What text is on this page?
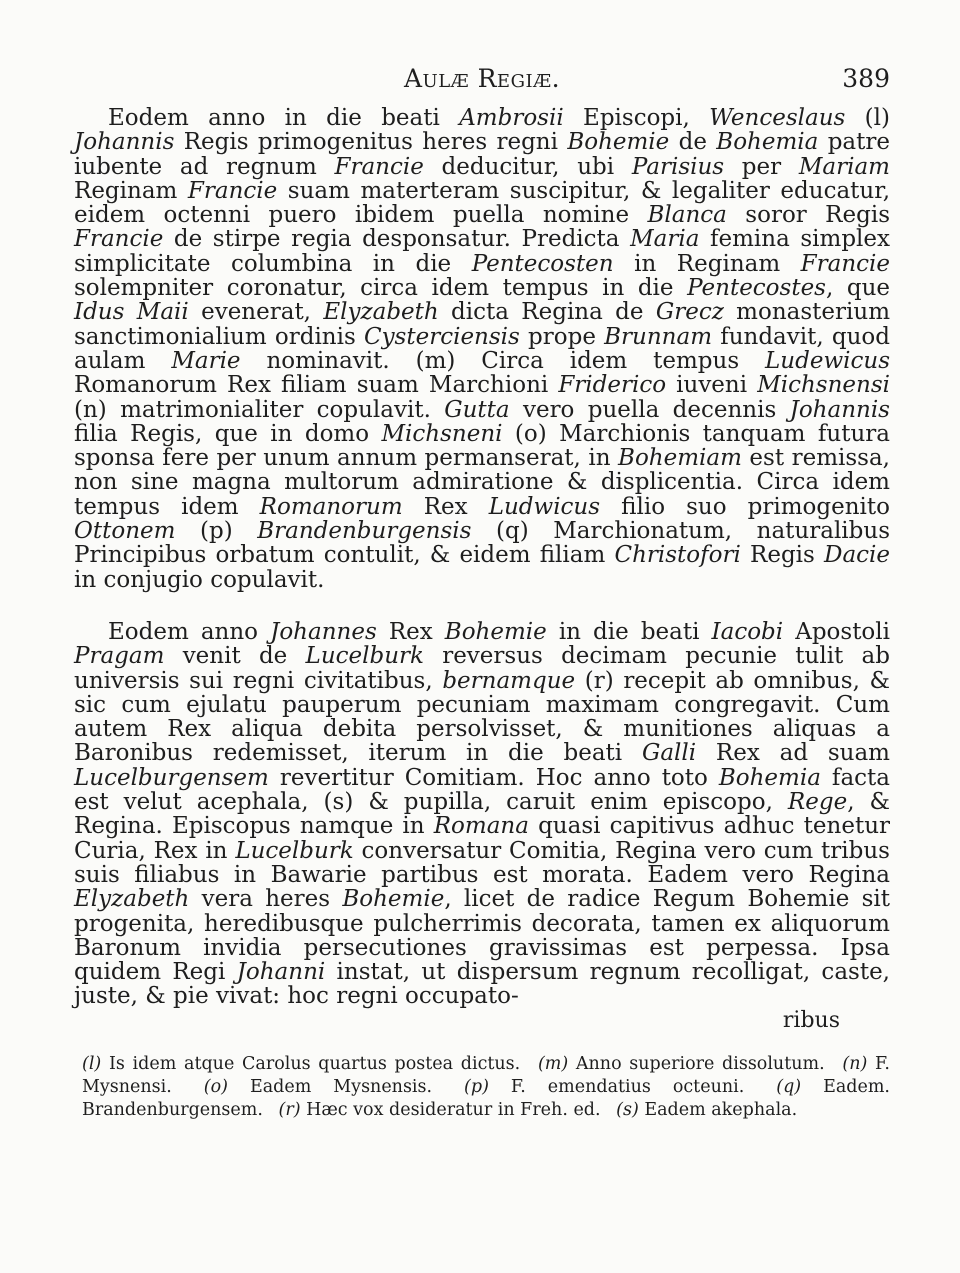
Aulæ Regiæ.	389

Eodem anno in die beati Ambrosii Episcopi, Wenceslaus (l) Johannis Regis primogenitus heres regni Bohemie de Bohemia patre iubente ad regnum Francie deducitur, ubi Parisius per Mariam Reginam Francie suam materteram suscipitur, & legaliter educatur, eidem octenni puero ibidem puella nomine Blanca soror Regis Francie de stirpe regia desponsatur. Predicta Maria femina simplex simplicitate columbina in die Pentecosten in Reginam Francie solempniter coronatur, circa idem tempus in die Pentecostes, que Idus Maii evenerat, Elyzabeth dicta Regina de Grecz monasterium sanctimonialium ordinis Cysterciensis prope Brunnam fundavit, quod aulam Marie nominavit. (m) Circa idem tempus Ludewicus Romanorum Rex filiam suam Marchioni Friderico iuveni Michsnensi (n) matrimonialiter copulavit. Gutta vero puella decennis Johannis filia Regis, que in domo Michsneni (o) Marchionis tanquam futura sponsa fere per unum annum permanserat, in Bohemiam est remissa, non sine magna multorum admiratione & displicentia. Circa idem tempus idem Romanorum Rex Ludwicus filio suo primogenito Ottonem (p) Brandenburgensis (q) Marchionatum, naturalibus Principibus orbatum contulit, & eidem filiam Christofori Regis Dacie in conjugio copulavit.

Eodem anno Johannes Rex Bohemie in die beati Iacobi Apostoli Pragam venit de Lucelburk reversus decimam pecunie tulit ab universis sui regni civitatibus, bernamque (r) recepit ab omnibus, & sic cum ejulatu pauperum pecuniam maximam congregavit. Cum autem Rex aliqua debita persolvisset, & munitiones aliquas a Baronibus redemisset, iterum in die beati Galli Rex ad suam Lucelburgensem revertitur Comitiam. Hoc anno toto Bohemia facta est velut acephala, (s) & pupilla, caruit enim episcopo, Rege, & Regina. Episcopus namque in Romana quasi capitivus adhuc tenetur Curia, Rex in Lucelburk conversatur Comitia, Regina vero cum tribus suis filiabus in Bawarie partibus est morata. Eadem vero Regina Elyzabeth vera heres Bohemie, licet de radice Regum Bohemie sit progenita, heredibusque pulcherrimis decorata, tamen ex aliquorum Baronum invidia persecutiones gravissimas est perpessa. Ipsa quidem Regi Johanni instat, ut dispersum regnum recolligat, caste, juste, & pie vivat: hoc regni occupato-

ribus
(l) Is idem atque Carolus quartus postea dictus. (m) Anno superiore dissolutum. (n) F. Mysnensi. (o) Eadem Mysnensis. (p) F. emendatius octeuni. (q) Eadem. Brandenburgensem. (r) Hæc vox desideratur in Freh. ed. (s) Eadem akephala.
